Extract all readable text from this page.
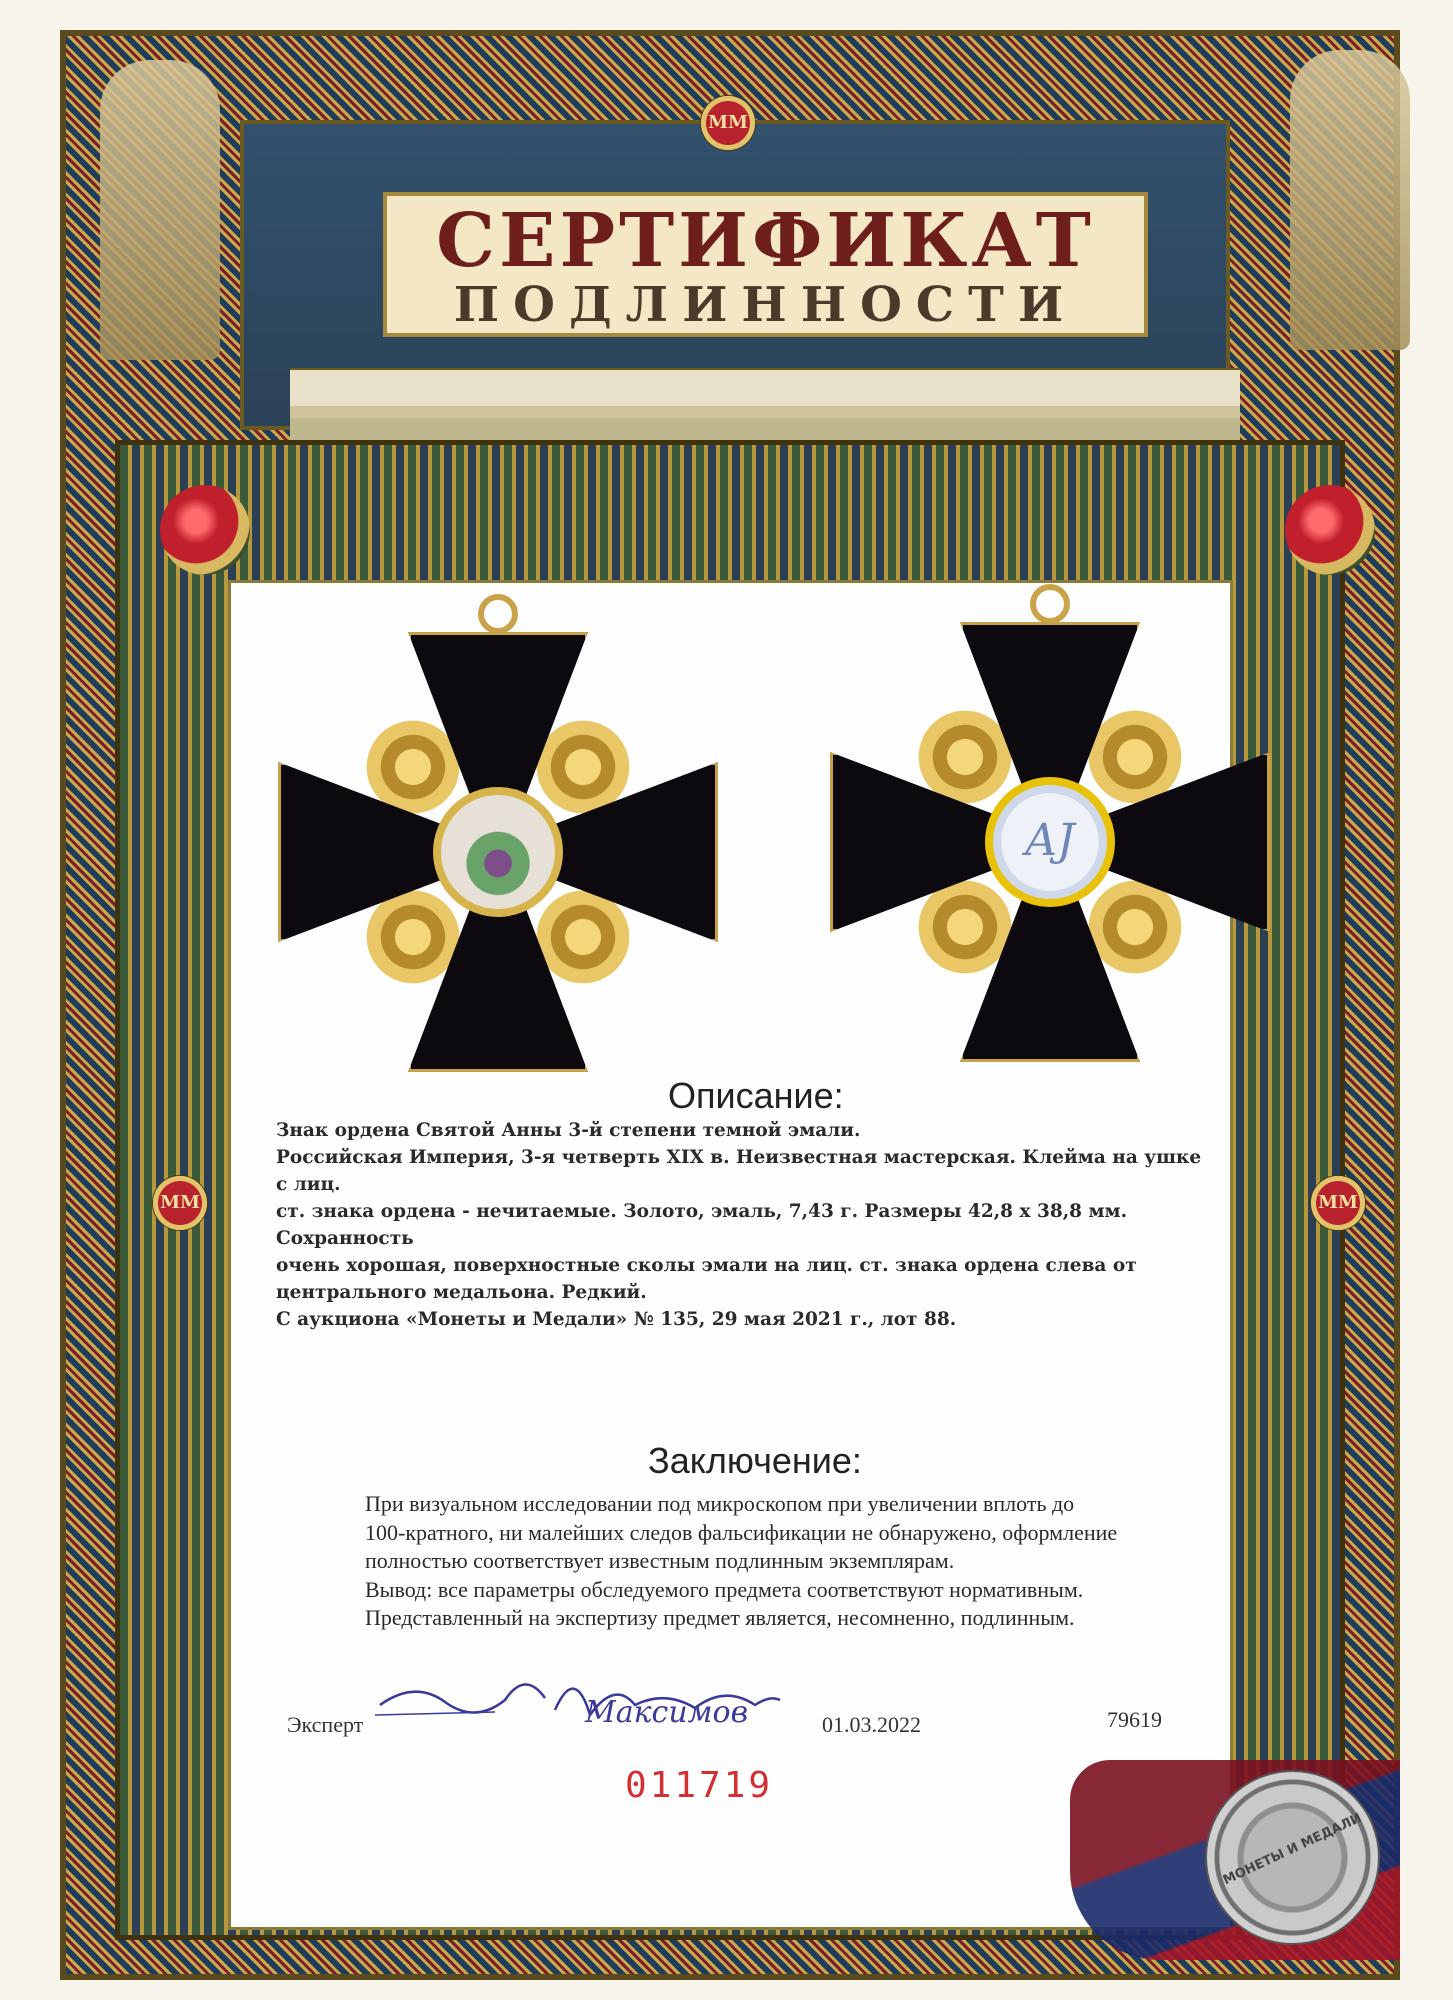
ММ
СЕРТИФИКАТ
ПОДЛИННОСТИ
ММ	ММ
AJ
Описание:

Знак ордена Святой Анны 3-й степени темной эмали.

Российская Империя, 3-я четверть XIX в. Неизвестная мастерская. Клейма на ушке с лиц.

ст. знака ордена - нечитаемые. Золото, эмаль, 7,43 г. Размеры 42,8 х 38,8 мм. Сохранность

очень хорошая, поверхностные сколы эмали на лиц. ст. знака ордена слева от

центрального медальона. Редкий.

С аукциона «Монеты и Медали» № 135, 29 мая 2021 г., лот 88.

Заключение:

При визуальном исследовании под микроскопом при увеличении вплоть до

100-кратного, ни малейших следов фальсификации не обнаружено, оформление

полностью соответствует известным подлинным экземплярам.

Вывод: все параметры обследуемого предмета соответствуют нормативным.

Представленный на экспертизу предмет является, несомненно, подлинным.

Эксперт	Максимов	01.03.2022	79619
011719
МОНЕТЫ И МЕДАЛИ
